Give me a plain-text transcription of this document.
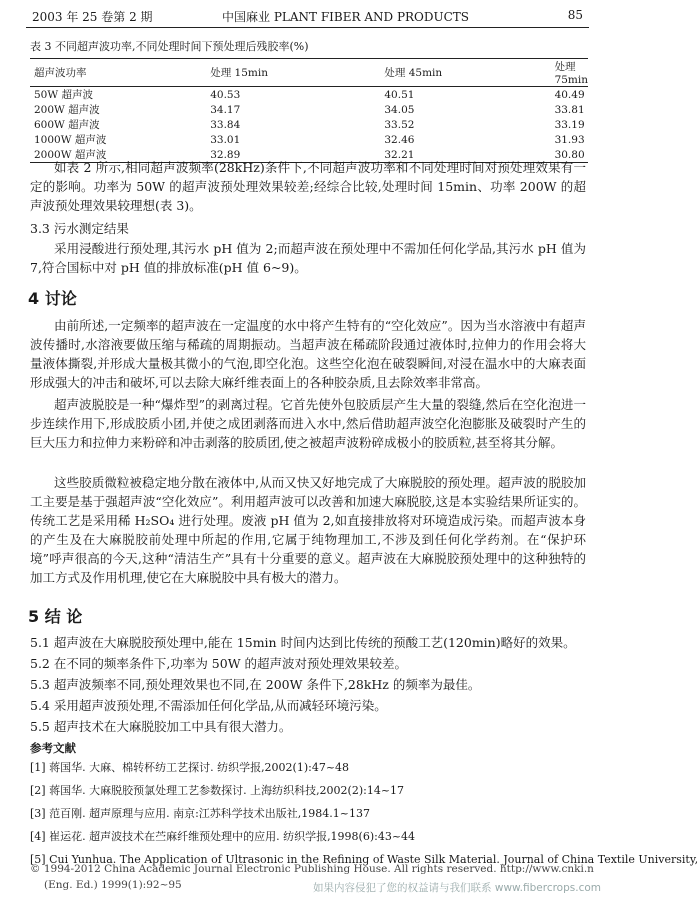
2003 年 25 卷第 2 期	中国麻业 PLANT FIBER AND PRODUCTS	85
表 3 不同超声波功率,不同处理时间下预处理后残胶率(%)
超声波功率	处理 15min	处理 45min	处理 75min
50W 超声波	40.53	40.51	40.49
200W 超声波	34.17	34.05	33.81
600W 超声波	33.84	33.52	33.19
1000W 超声波	33.01	32.46	31.93
2000W 超声波	32.89	32.21	30.80

如表 2 所示,相同超声波频率(28kHz)条件下,不同超声波功率和不同处理时间对预处理效果有一定的影响。功率为 50W 的超声波预处理效果较差;经综合比较,处理时间 15min、功率 200W 的超声波预处理效果较理想(表 3)。

3.3 污水测定结果

采用浸酸进行预处理,其污水 pH 值为 2;而超声波在预处理中不需加任何化学品,其污水 pH 值为 7,符合国标中对 pH 值的排放标准(pH 值 6~9)。

4 讨论

由前所述,一定频率的超声波在一定温度的水中将产生特有的“空化效应”。因为当水溶液中有超声波传播时,水溶液要做压缩与稀疏的周期振动。当超声波在稀疏阶段通过液体时,拉伸力的作用会将大量液体撕裂,并形成大量极其微小的气泡,即空化泡。这些空化泡在破裂瞬间,对浸在温水中的大麻表面形成强大的冲击和破坏,可以去除大麻纤维表面上的各种胶杂质,且去除效率非常高。

超声波脱胶是一种“爆炸型”的剥离过程。它首先使外包胶质层产生大量的裂缝,然后在空化泡进一步连续作用下,形成胶质小团,并使之成团剥落而进入水中,然后借助超声波空化泡膨胀及破裂时产生的巨大压力和拉伸力来粉碎和冲击剥落的胶质团,使之被超声波粉碎成极小的胶质粒,甚至将其分解。

这些胶质微粒被稳定地分散在液体中,从而又快又好地完成了大麻脱胶的预处理。超声波的脱胶加工主要是基于强超声波“空化效应”。利用超声波可以改善和加速大麻脱胶,这是本实验结果所证实的。传统工艺是采用稀 H₂SO₄ 进行处理。废液 pH 值为 2,如直接排放将对环境造成污染。而超声波本身的产生及在大麻脱胶前处理中所起的作用,它属于纯物理加工,不涉及到任何化学药剂。在“保护环境”呼声很高的今天,这种“清洁生产”具有十分重要的意义。超声波在大麻脱胶预处理中的这种独特的加工方式及作用机理,使它在大麻脱胶中具有极大的潜力。

5 结 论
5.1 超声波在大麻脱胶预处理中,能在 15min 时间内达到比传统的预酸工艺(120min)略好的效果。
5.2 在不同的频率条件下,功率为 50W 的超声波对预处理效果较差。
5.3 超声波频率不同,预处理效果也不同,在 200W 条件下,28kHz 的频率为最佳。
5.4 采用超声波预处理,不需添加任何化学品,从而减轻环境污染。
5.5 超声技术在大麻脱胶加工中具有很大潜力。
参考文献
[1] 蒋国华. 大麻、棉转杯纺工艺探讨. 纺织学报,2002(1):47~48
[2] 蒋国华. 大麻脱胶预氯处理工艺参数探讨. 上海纺织科技,2002(2):14~17
[3] 范百刚. 超声原理与应用. 南京:江苏科学技术出版社,1984.1~137
[4] 崔运花. 超声波技术在苎麻纤维预处理中的应用. 纺织学报,1998(6):43~44
[5] Cui Yunhua. The Application of Ultrasonic in the Refining of Waste Silk Material. Journal of China Textile University,
© 1994-2012 China Academic Journal Electronic Publishing House. All rights reserved. http://www.cnki.n
(Eng. Ed.) 1999(1):92~95	如果内容侵犯了您的权益请与我们联系 www.fibercrops.com
